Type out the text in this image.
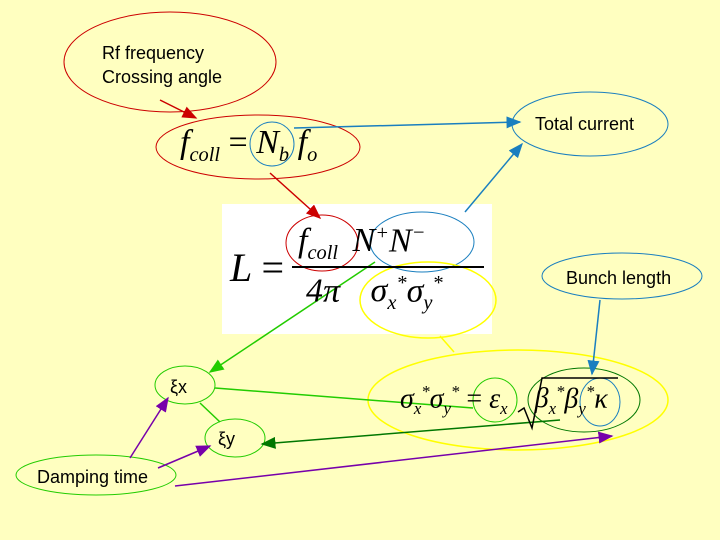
Rf frequency
Crossing angle
Total current
Bunch length
ξx
ξy
Damping time
$f_{coll} = N_b$ $f_o$
L =
$f_{coll}$ N+N−
4π $\sigma_x^*\sigma_y^*$
$\sigma_x^*\sigma_y^* = \varepsilon_x$ $\beta_x^*\beta_y^*\kappa$
